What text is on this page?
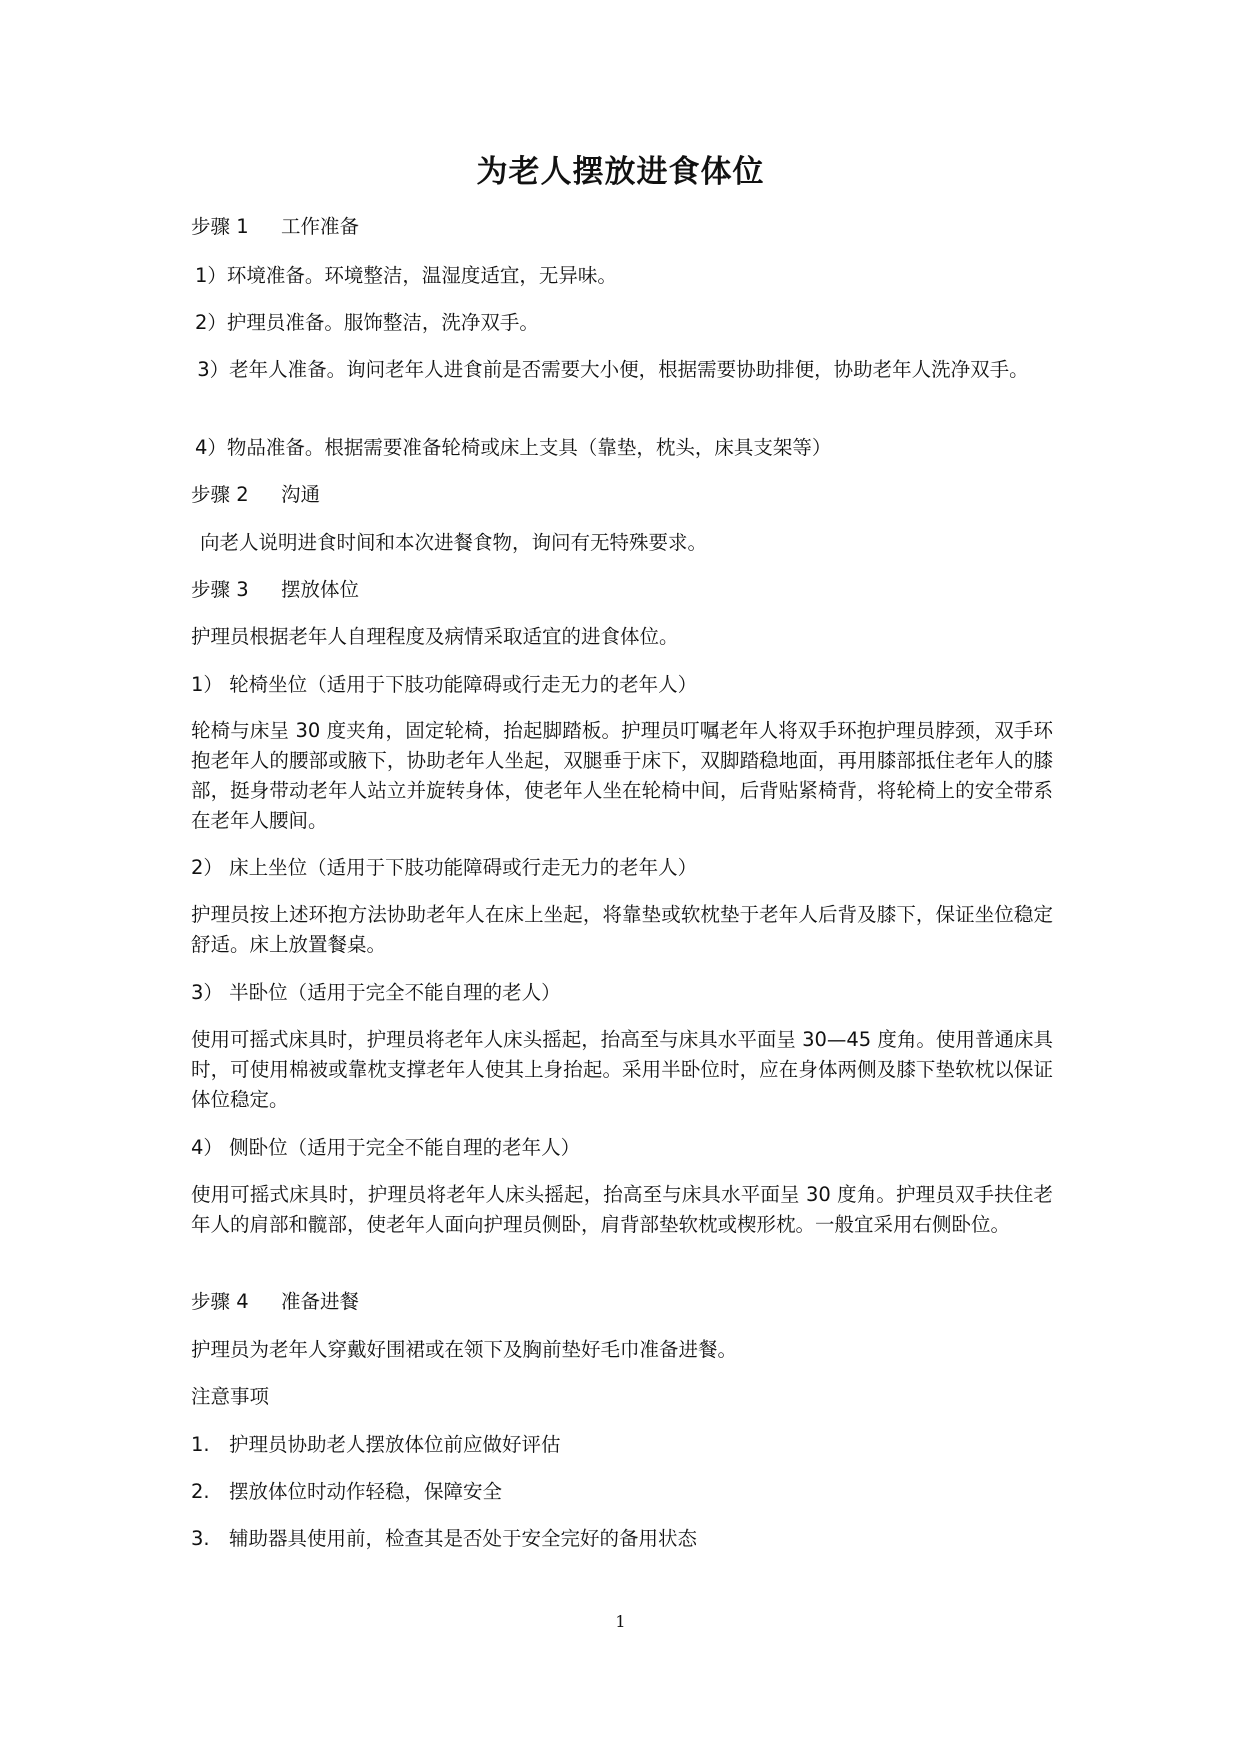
为老人摆放进食体位
步骤 1 工作准备
1）环境准备。环境整洁，温湿度适宜，无异味。
2）护理员准备。服饰整洁，洗净双手。
3）老年人准备。询问老年人进食前是否需要大小便，根据需要协助排便，协助老年人洗净双手。
4）物品准备。根据需要准备轮椅或床上支具（靠垫，枕头，床具支架等）
步骤 2 沟通
向老人说明进食时间和本次进餐食物，询问有无特殊要求。
步骤 3 摆放体位
护理员根据老年人自理程度及病情采取适宜的进食体位。
1） 轮椅坐位（适用于下肢功能障碍或行走无力的老年人）
轮椅与床呈 30 度夹角，固定轮椅，抬起脚踏板。护理员叮嘱老年人将双手环抱护理员脖颈，双手环抱老年人的腰部或腋下，协助老年人坐起，双腿垂于床下，双脚踏稳地面，再用膝部抵住老年人的膝部，挺身带动老年人站立并旋转身体，使老年人坐在轮椅中间，后背贴紧椅背，将轮椅上的安全带系在老年人腰间。
2） 床上坐位（适用于下肢功能障碍或行走无力的老年人）
护理员按上述环抱方法协助老年人在床上坐起，将靠垫或软枕垫于老年人后背及膝下，保证坐位稳定舒适。床上放置餐桌。
3） 半卧位（适用于完全不能自理的老人）
使用可摇式床具时，护理员将老年人床头摇起，抬高至与床具水平面呈 30—45 度角。使用普通床具时，可使用棉被或靠枕支撑老年人使其上身抬起。采用半卧位时，应在身体两侧及膝下垫软枕以保证体位稳定。
4） 侧卧位（适用于完全不能自理的老年人）
使用可摇式床具时，护理员将老年人床头摇起，抬高至与床具水平面呈 30 度角。护理员双手扶住老年人的肩部和髋部，使老年人面向护理员侧卧，肩背部垫软枕或楔形枕。一般宜采用右侧卧位。
步骤 4 准备进餐
护理员为老年人穿戴好围裙或在领下及胸前垫好毛巾准备进餐。
注意事项
1. 护理员协助老人摆放体位前应做好评估
2. 摆放体位时动作轻稳，保障安全
3. 辅助器具使用前，检查其是否处于安全完好的备用状态
1
